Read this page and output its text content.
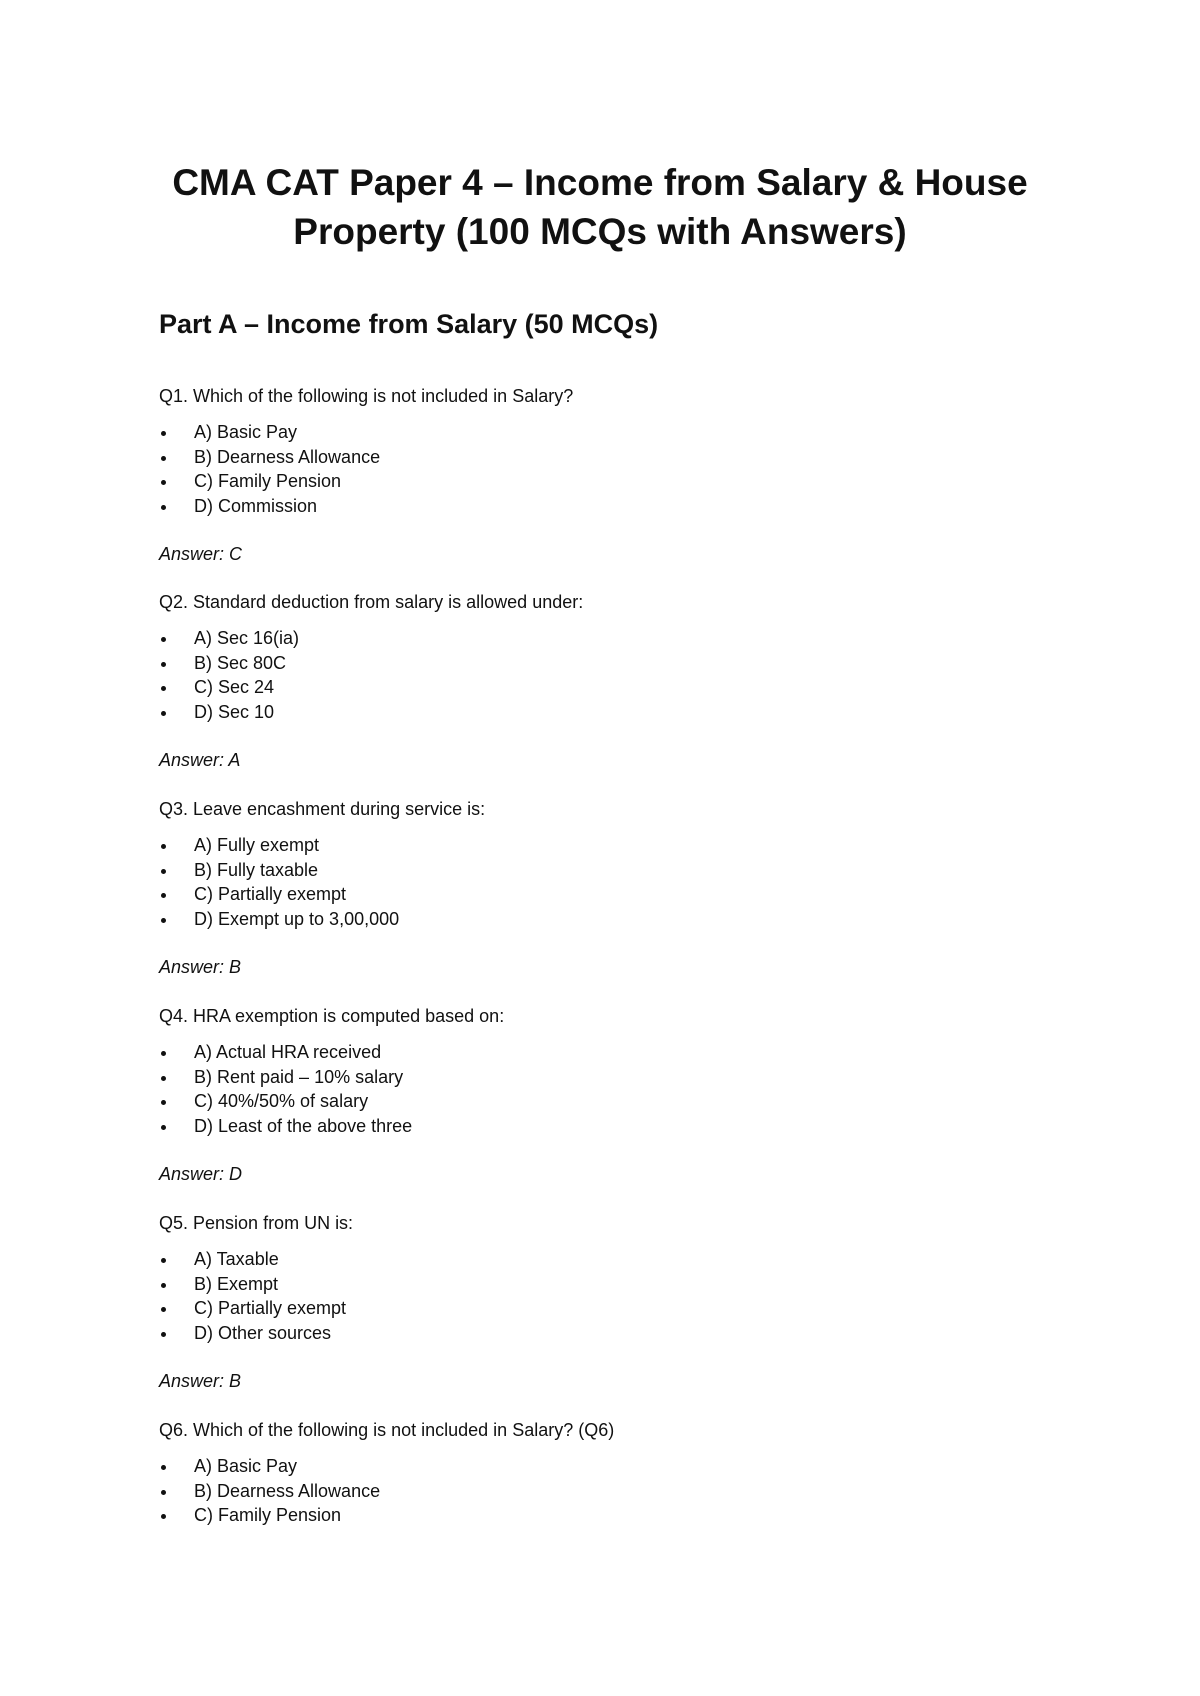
CMA CAT Paper 4 – Income from Salary & House Property (100 MCQs with Answers)
Part A – Income from Salary (50 MCQs)

Q1. Which of the following is not included in Salary?

A) Basic Pay
B) Dearness Allowance
C) Family Pension
D) Commission

Answer: C

Q2. Standard deduction from salary is allowed under:

A) Sec 16(ia)
B) Sec 80C
C) Sec 24
D) Sec 10

Answer: A

Q3. Leave encashment during service is:

A) Fully exempt
B) Fully taxable
C) Partially exempt
D) Exempt up to 3,00,000

Answer: B

Q4. HRA exemption is computed based on:

A) Actual HRA received
B) Rent paid – 10% salary
C) 40%/50% of salary
D) Least of the above three

Answer: D

Q5. Pension from UN is:

A) Taxable
B) Exempt
C) Partially exempt
D) Other sources

Answer: B

Q6. Which of the following is not included in Salary? (Q6)

A) Basic Pay
B) Dearness Allowance
C) Family Pension
